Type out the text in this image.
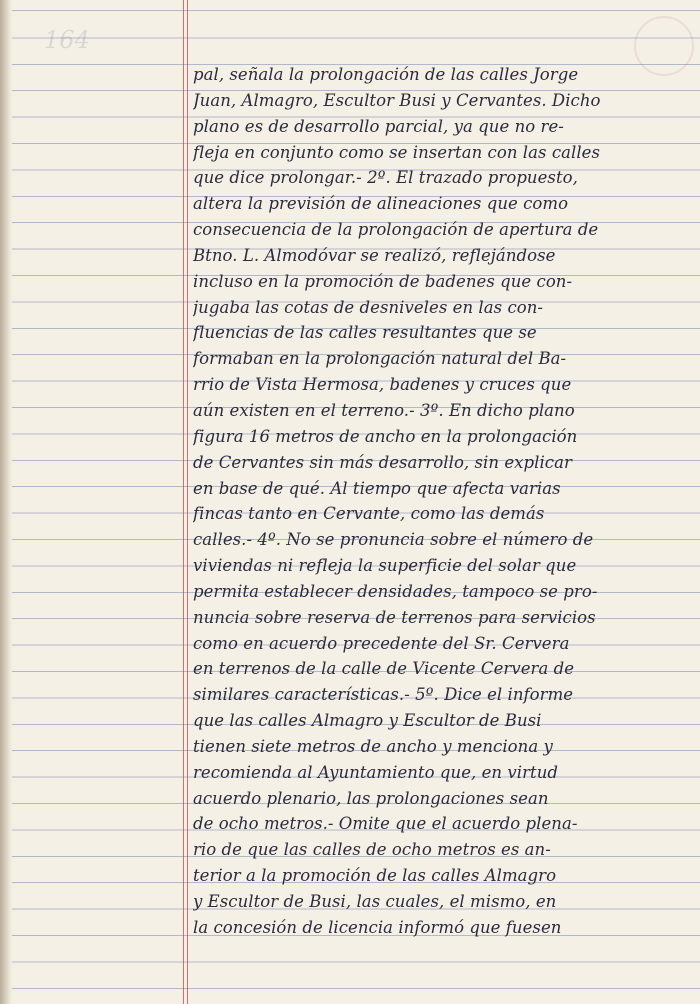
164
pal, señala la prolongación de las calles Jorge
Juan, Almagro, Escultor Busi y Cervantes. Dicho
plano es de desarrollo parcial, ya que no re-
fleja en conjunto como se insertan con las calles
que dice prolongar.- 2º. El trazado propuesto,
altera la previsión de alineaciones que como
consecuencia de la prolongación de apertura de
Btno. L. Almodóvar se realizó, reflejándose
incluso en la promoción de badenes que con-
jugaba las cotas de desniveles en las con-
fluencias de las calles resultantes que se
formaban en la prolongación natural del Ba-
rrio de Vista Hermosa, badenes y cruces que
aún existen en el terreno.- 3º. En dicho plano
figura 16 metros de ancho en la prolongación
de Cervantes sin más desarrollo, sin explicar
en base de qué. Al tiempo que afecta varias
fincas tanto en Cervante, como las demás
calles.- 4º. No se pronuncia sobre el número de
viviendas ni refleja la superficie del solar que
permita establecer densidades, tampoco se pro-
nuncia sobre reserva de terrenos para servicios
como en acuerdo precedente del Sr. Cervera
en terrenos de la calle de Vicente Cervera de
similares características.- 5º. Dice el informe
que las calles Almagro y Escultor de Busi
tienen siete metros de ancho y menciona y
recomienda al Ayuntamiento que, en virtud
acuerdo plenario, las prolongaciones sean
de ocho metros.- Omite que el acuerdo plena-
rio de que las calles de ocho metros es an-
terior a la promoción de las calles Almagro
y Escultor de Busi, las cuales, el mismo, en
la concesión de licencia informó que fuesen
